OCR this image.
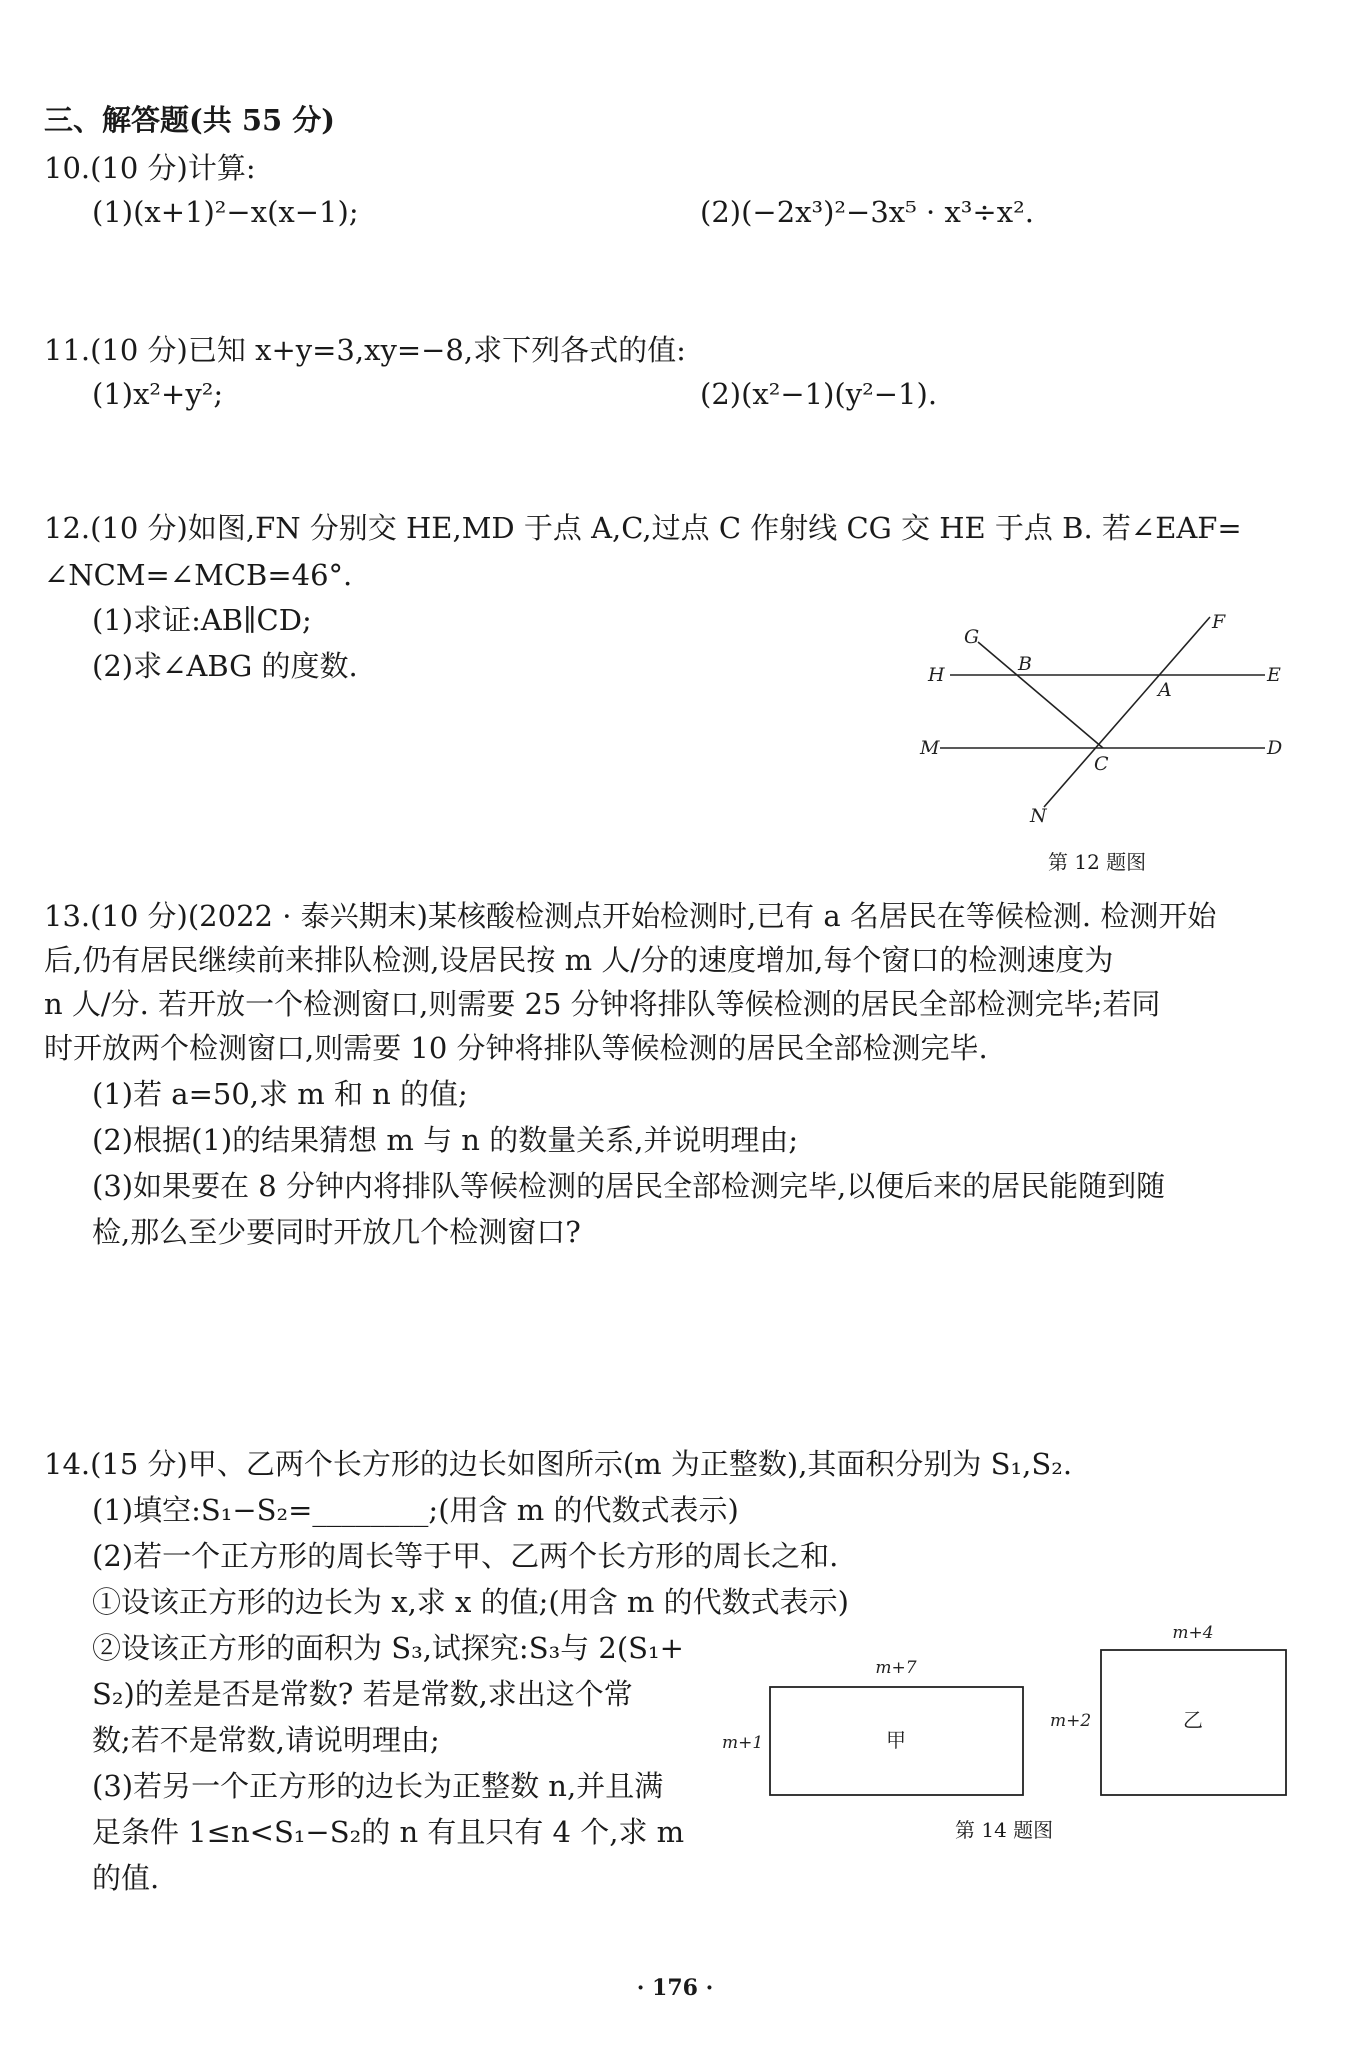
三、解答题(共 55 分)
10.(10 分)计算:
(1)(x+1)²−x(x−1);	(2)(−2x³)²−3x⁵ · x³÷x².
11.(10 分)已知 x+y=3,xy=−8,求下列各式的值:
(1)x²+y²;	(2)(x²−1)(y²−1).
12.(10 分)如图,FN 分别交 HE,MD 于点 A,C,过点 C 作射线 CG 交 HE 于点 B. 若∠EAF=
∠NCM=∠MCB=46°.
(1)求证:AB∥CD;
(2)求∠ABG 的度数.
G
B
F
H
A
E
M
C
D
N
第 12 题图
13.(10 分)(2022 · 泰兴期末)某核酸检测点开始检测时,已有 a 名居民在等候检测. 检测开始
后,仍有居民继续前来排队检测,设居民按 m 人/分的速度增加,每个窗口的检测速度为
n 人/分. 若开放一个检测窗口,则需要 25 分钟将排队等候检测的居民全部检测完毕;若同
时开放两个检测窗口,则需要 10 分钟将排队等候检测的居民全部检测完毕.
(1)若 a=50,求 m 和 n 的值;
(2)根据(1)的结果猜想 m 与 n 的数量关系,并说明理由;
(3)如果要在 8 分钟内将排队等候检测的居民全部检测完毕,以便后来的居民能随到随
检,那么至少要同时开放几个检测窗口?
14.(15 分)甲、乙两个长方形的边长如图所示(m 为正整数),其面积分别为 S₁,S₂.
(1)填空:S₁−S₂=________;(用含 m 的代数式表示)
(2)若一个正方形的周长等于甲、乙两个长方形的周长之和.
①设该正方形的边长为 x,求 x 的值;(用含 m 的代数式表示)
②设该正方形的面积为 S₃,试探究:S₃与 2(S₁+
S₂)的差是否是常数? 若是常数,求出这个常
数;若不是常数,请说明理由;
(3)若另一个正方形的边长为正整数 n,并且满
足条件 1≤n<S₁−S₂的 n 有且只有 4 个,求 m
的值.
m+7
m+1	甲
m+4
m+2	乙
第 14 题图
· 176 ·
